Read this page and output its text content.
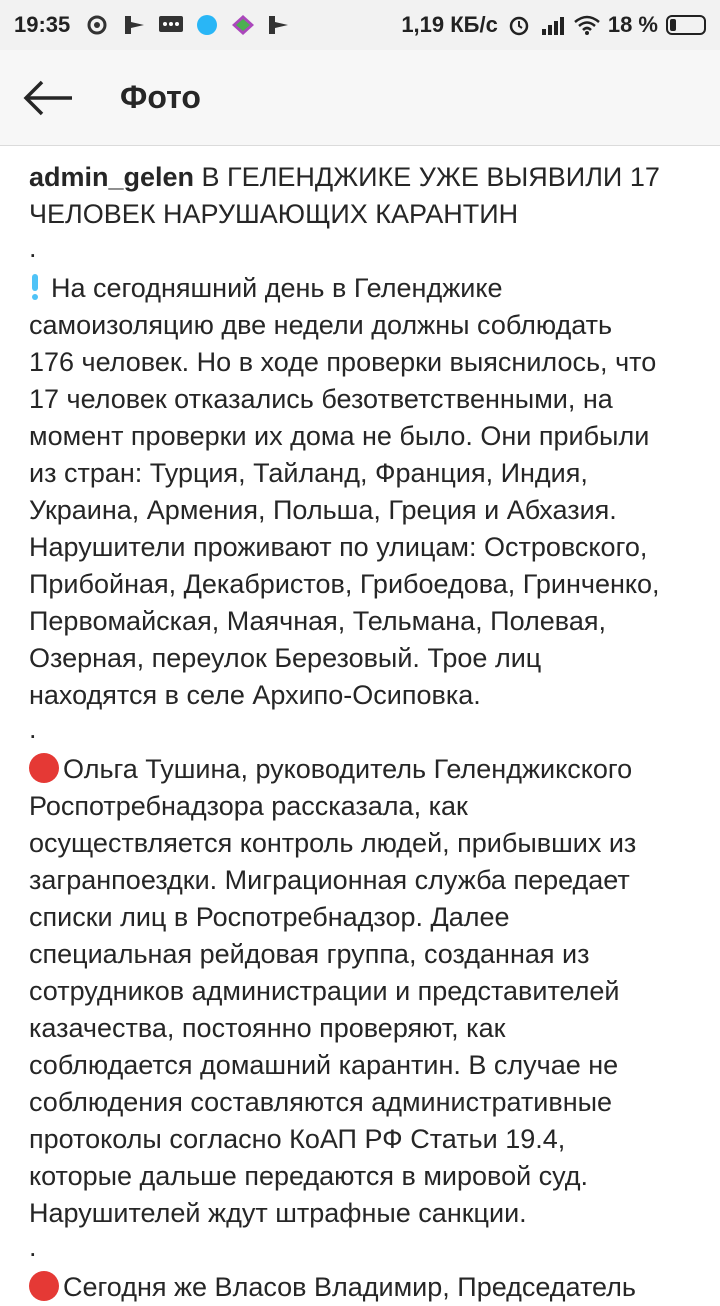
19:35	1,19 КБ/с	18 %
Фото
admin_gelen В ГЕЛЕНДЖИКЕ УЖЕ ВЫЯВИЛИ 17
ЧЕЛОВЕК НАРУШАЮЩИХ КАРАНТИН
.
На сегодняшний день в Геленджике
самоизоляцию две недели должны соблюдать
176 человек. Но в ходе проверки выяснилось, что
17 человек отказались безответственными, на
момент проверки их дома не было. Они прибыли
из стран: Турция, Тайланд, Франция, Индия,
Украина, Армения, Польша, Греция и Абхазия.
Нарушители проживают по улицам: Островского,
Прибойная, Декабристов, Грибоедова, Гринченко,
Первомайская, Маячная, Тельмана, Полевая,
Озерная, переулок Березовый. Трое лиц
находятся в селе Архипо-Осиповка.
.
Ольга Тушина, руководитель Геленджикского
Роспотребнадзора рассказала, как
осуществляется контроль людей, прибывших из
загранпоездки. Миграционная служба передает
списки лиц в Роспотребнадзор. Далее
специальная рейдовая группа, созданная из
сотрудников администрации и представителей
казачества, постоянно проверяют, как
соблюдается домашний карантин. В случае не
соблюдения составляются административные
протоколы согласно КоАП РФ Статьи 19.4,
которые дальше передаются в мировой суд.
Нарушителей ждут штрафные санкции.
.
Сегодня же Власов Владимир, Председатель
